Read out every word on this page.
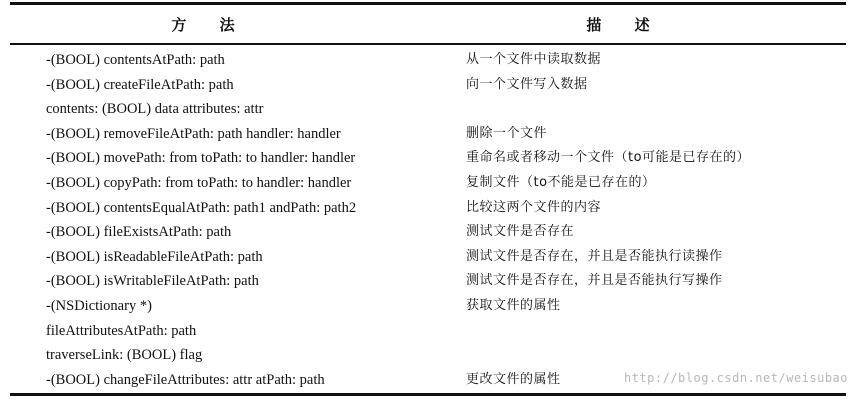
方 法	描 述
-(BOOL) contentsAtPath: path	从一个文件中读取数据
-(BOOL) createFileAtPath: path	向一个文件写入数据
contents: (BOOL) data attributes: attr
-(BOOL) removeFileAtPath: path handler: handler	删除一个文件
-(BOOL) movePath: from toPath: to handler: handler	重命名或者移动一个文件（to可能是已存在的）
-(BOOL) copyPath: from toPath: to handler: handler	复制文件（to不能是已存在的）
-(BOOL) contentsEqualAtPath: path1 andPath: path2	比较这两个文件的内容
-(BOOL) fileExistsAtPath: path	测试文件是否存在
-(BOOL) isReadableFileAtPath: path	测试文件是否存在，并且是否能执行读操作
-(BOOL) isWritableFileAtPath: path	测试文件是否存在，并且是否能执行写操作
-(NSDictionary *)	获取文件的属性
fileAttributesAtPath: path
traverseLink: (BOOL) flag
-(BOOL) changeFileAttributes: attr atPath: path	更改文件的属性	http://blog.csdn.net/weisubao
